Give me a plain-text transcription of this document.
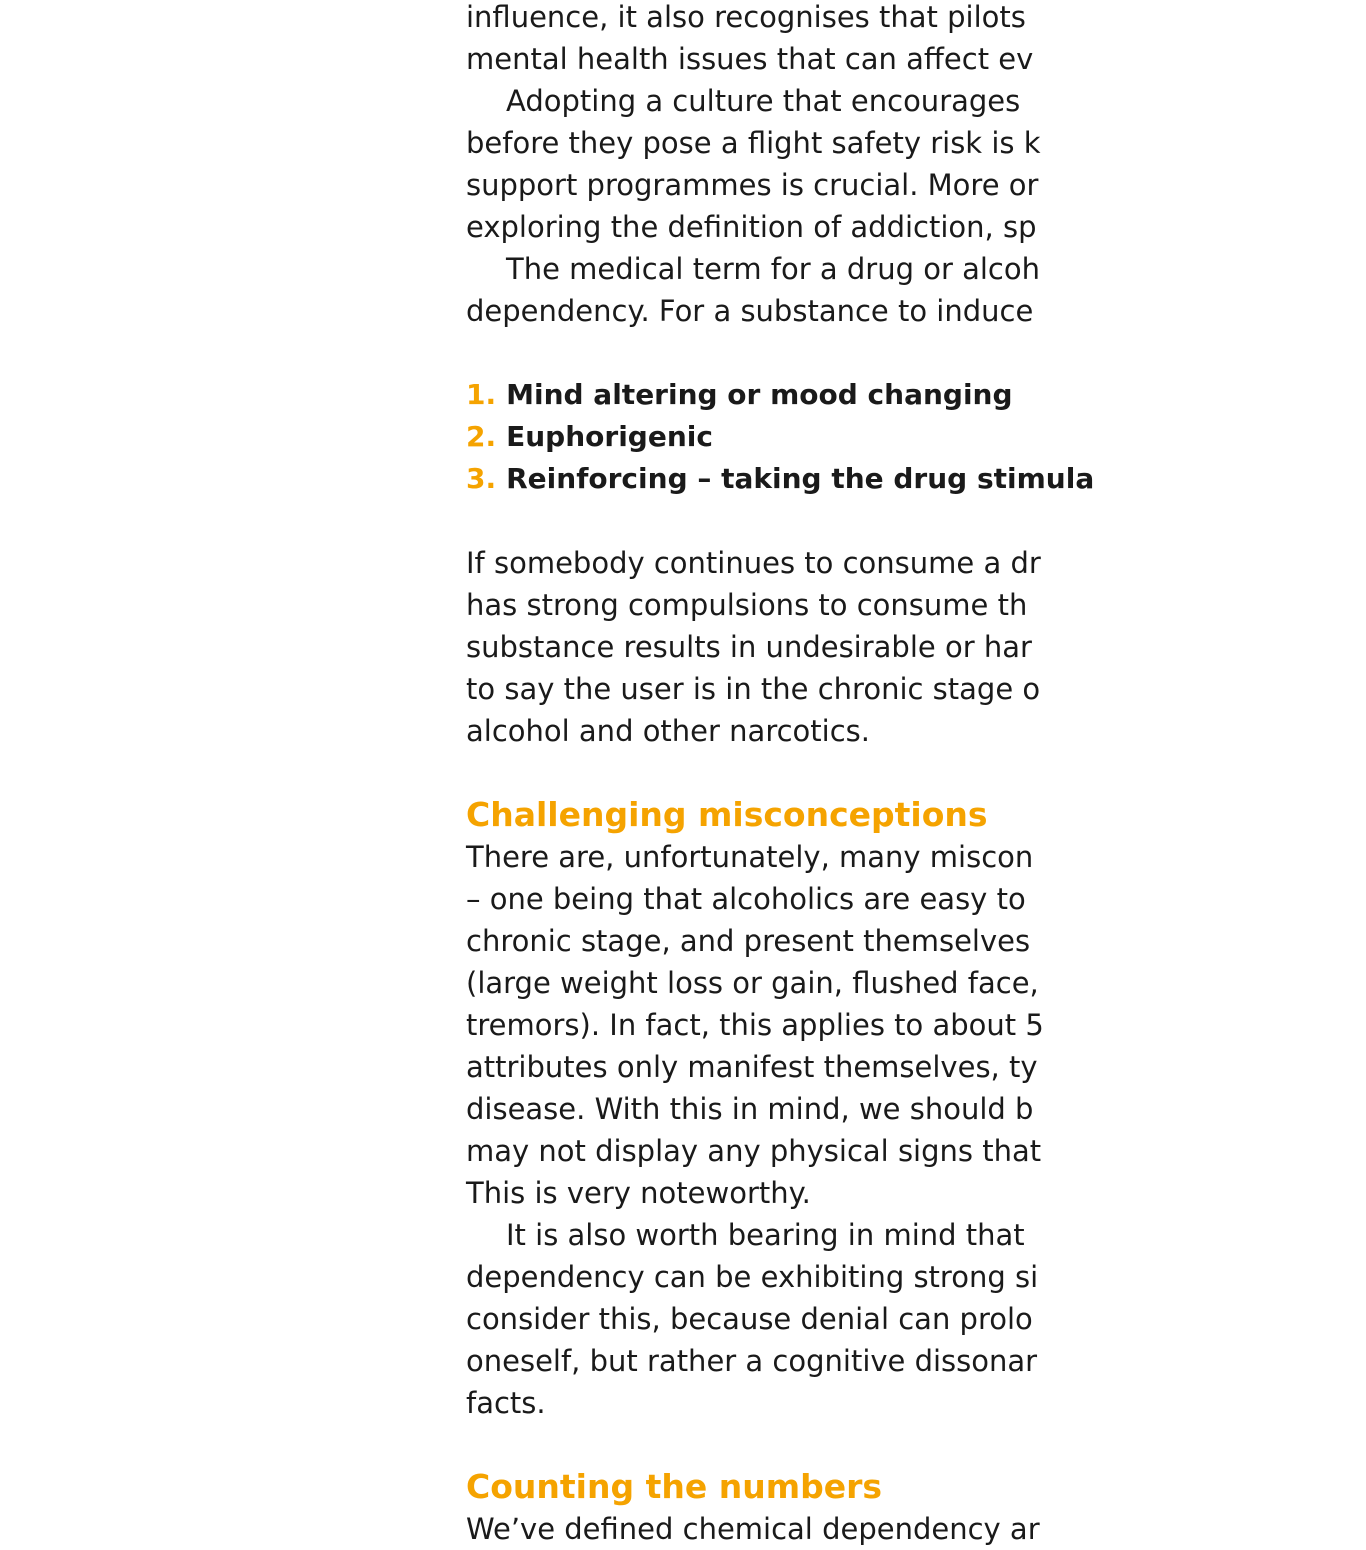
influence, it also recognises that pilots
mental health issues that can affect ev
Adopting a culture that encourages
before they pose a flight safety risk is k
support programmes is crucial. More or
exploring the definition of addiction, sp
The medical term for a drug or alcoh
dependency. For a substance to induce
1. Mind altering or mood changing
2. Euphorigenic
3. Reinforcing – taking the drug stimula
If somebody continues to consume a dr
has strong compulsions to consume th
substance results in undesirable or har
to say the user is in the chronic stage o
alcohol and other narcotics.
Challenging misconceptions
There are, unfortunately, many miscon
– one being that alcoholics are easy to
chronic stage, and present themselves
(large weight loss or gain, flushed face,
tremors). In fact, this applies to about 5
attributes only manifest themselves, ty
disease. With this in mind, we should b
may not display any physical signs that
This is very noteworthy.
It is also worth bearing in mind that
dependency can be exhibiting strong si
consider this, because denial can prolo
oneself, but rather a cognitive dissonar
facts.
Counting the numbers
We’ve defined chemical dependency ar
